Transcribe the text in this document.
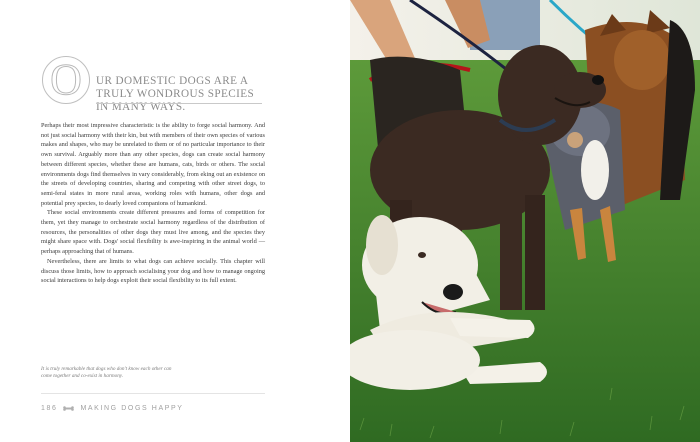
O	UR DOMESTIC DOGS ARE A TRULY WONDROUS SPECIES IN MANY WAYS.

Perhaps their most impressive characteristic is the ability to forge social harmony. And not just social harmony with their kin, but with members of their own species of various makes and shapes, who may be unrelated to them or of no particular importance to their own survival. Arguably more than any other species, dogs can create social harmony between different species, whether these are humans, cats, birds or others. The social environments dogs find themselves in vary considerably, from eking out an existence on the streets of developing countries, sharing and competing with other street dogs, to semi-feral states in more rural areas, working roles with humans, other dogs and potential prey species, to dearly loved companions of humankind.

These social environments create different pressures and forms of competition for them, yet they manage to orchestrate social harmony regardless of the distribution of resources, the personalities of other dogs they must live among, and the species they might share space with. Dogs' social flexibility is awe-inspiring in the animal world — perhaps approaching that of humans.

Nevertheless, there are limits to what dogs can achieve socially. This chapter will discuss those limits, how to approach socialising your dog and how to manage ongoing social interactions to help dogs exploit their social flexibility to its full extent.

It is truly remarkable that dogs who don't know each other can come together and co-exist in harmony.
186	MAKING DOGS HAPPY
